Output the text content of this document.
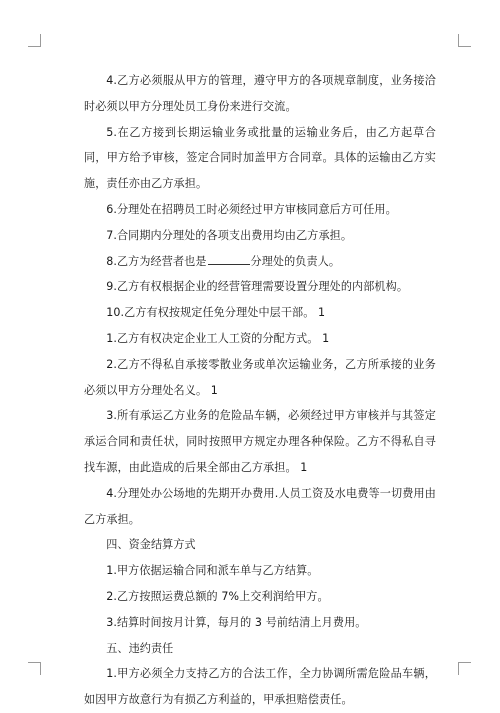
4.乙方必须服从甲方的管理，遵守甲方的各项规章制度，业务接洽时必须以甲方分理处员工身份来进行交流。

5.在乙方接到长期运输业务或批量的运输业务后，由乙方起草合同，甲方给予审核，签定合同时加盖甲方合同章。具体的运输由乙方实施，责任亦由乙方承担。

6.分理处在招聘员工时必须经过甲方审核同意后方可任用。

7.合同期内分理处的各项支出费用均由乙方承担。

8.乙方为经营者也是	分理处的负责人。

9.乙方有权根据企业的经营管理需要设置分理处的内部机构。

10.乙方有权按规定任免分理处中层干部。 1

1.乙方有权决定企业工人工资的分配方式。 1

2.乙方不得私自承接零散业务或单次运输业务，乙方所承接的业务必须以甲方分理处名义。 1

3.所有承运乙方业务的危险品车辆，必须经过甲方审核并与其签定承运合同和责任状，同时按照甲方规定办理各种保险。乙方不得私自寻找车源，由此造成的后果全部由乙方承担。 1

4.分理处办公场地的先期开办费用.人员工资及水电费等一切费用由乙方承担。

四、资金结算方式

1.甲方依据运输合同和派车单与乙方结算。

2.乙方按照运费总额的 7%上交利润给甲方。

3.结算时间按月计算，每月的 3 号前结清上月费用。

五、违约责任

1.甲方必须全力支持乙方的合法工作，全力协调所需危险品车辆，如因甲方故意行为有损乙方利益的，甲承担赔偿责任。
